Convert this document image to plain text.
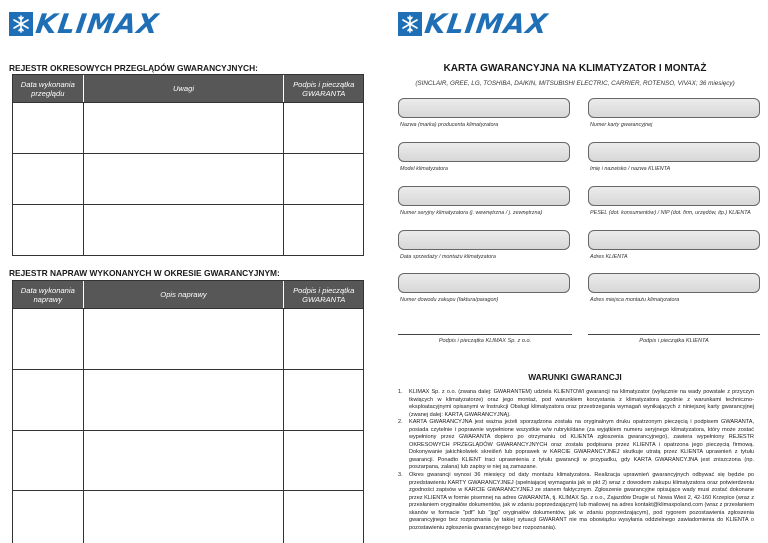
KLIMAX
REJESTR OKRESOWYCH PRZEGLĄDÓW GWARANCYJNYCH:
Data wykonania przeglądu	Uwagi	Podpis i pieczątka GWARANTA
REJESTR NAPRAW WYKONANYCH W OKRESIE GWARANCYJNYM:
Data wykonania naprawy	Opis naprawy	Podpis i pieczątka GWARANTA
KLIMAX
KARTA GWARANCYJNA NA KLIMATYZATOR I MONTAŻ
(SINCLAIR, GREE, LG, TOSHIBA, DAIKIN, MITSUBISHI ELECTRIC, CARRIER, ROTENSO, VIVAX; 36 miesięcy)
Nazwa (marka) producenta klimatyzatora	Numer karty gwarancyjnej
Model klimatyzatora	Imię i nazwisko / nazwa KLIENTA
Numer seryjny klimatyzatora (j. wewnętrzna / j. zewnętrzna)	PESEL (dot. konsumentów) / NIP (dot. firm, urzędów, itp.) KLIENTA
Data sprzedaży / montażu klimatyzatora	Adres KLIENTA
Numer dowodu zakupu (faktura/paragon)	Adres miejsca montażu klimatyzatora
Podpis i pieczątka KLIMAX Sp. z o.o.	Podpis i pieczątka KLIENTA
WARUNKI GWARANCJI
1.	KLIMAX Sp. z o.o. (zwana dalej: GWARANTEM) udziela KLIENTOWI gwarancji na klimatyzator (wyłącznie na wady powstałe z przyczyn tkwiących w klimatyzatorze) oraz jego montaż, pod warunkiem korzystania z klimatyzatora zgodnie z warunkami techniczno-eksploatacyjnymi opisanymi w Instrukcji Obsługi klimatyzatora oraz przestrzegania wymagań wynikających z niniejszej karty gwarancyjnej (zwanej dalej: KARTĄ GWARANCYJNĄ).
2.	KARTA GWARANCYJNA jest ważna jeżeli sporządzona została na oryginalnym druku opatrzonym pieczęcią i podpisem GWARANTA, posiada czytelnie i poprawnie wypełnione wszystkie w/w rubryki/dane (za wyjątkiem numeru seryjnego klimatyzatora, który może zostać wypełniony przez GWARANTA dopiero po otrzymaniu od KLIENTA zgłoszenia gwarancyjnego), zawiera wypełniony REJESTR OKRESOWYCH PRZEGLĄDÓW GWARANCYJNYCH oraz została podpisana przez KLIENTA i opatrzona jego pieczęcią firmową. Dokonywanie jakichkolwiek skreśleń lub poprawek w KARCIE GWARANCYJNEJ skutkuje utratą przez KLIENTA uprawnień z tytułu gwarancji. Ponadto KLIENT traci uprawnienia z tytułu gwarancji w przypadku, gdy KARTA GWARANCYJNA jest zniszczona (np. poszarpana, zalana) lub zapisy w niej są zamazane.
3.	Okres gwarancji wynosi 36 miesięcy od daty montażu klimatyzatora. Realizacja uprawnień gwarancyjnych odbywać się będzie po przedstawieniu KARTY GWARANCYJNEJ (spełniającej wymagania jak w pkt 2) wraz z dowodem zakupu klimatyzatora oraz potwierdzeniu zgodności zapisów w KARCIE GWARANCYJNEJ ze stanem faktycznym. Zgłoszenie gwarancyjne opisujące wady musi zostać dokonane przez KLIENTA w formie pisemnej na adres GWARANTA, tj. KLIMAX Sp. z o.o., Zajazdów Drugie ul. Nowa Wieś 2, 42-160 Krzepice (wraz z przesłaniem oryginałów dokumentów, jak w zdaniu poprzedzającym) lub mailowej na adres kontakt@klimaxpoland.com (wraz z przesłaniem skanów w formacie "pdf" lub "jpg" oryginałów dokumentów, jak w zdaniu poprzedzającym), pod rygorem pozostawienia zgłoszenia gwarancyjnego bez rozpoznania (w takiej sytuacji GWARANT nie ma obowiązku wysyłania oddzielnego zawiadomienia do KLIENTA o pozostawieniu zgłoszenia gwarancyjnego bez rozpoznania).
